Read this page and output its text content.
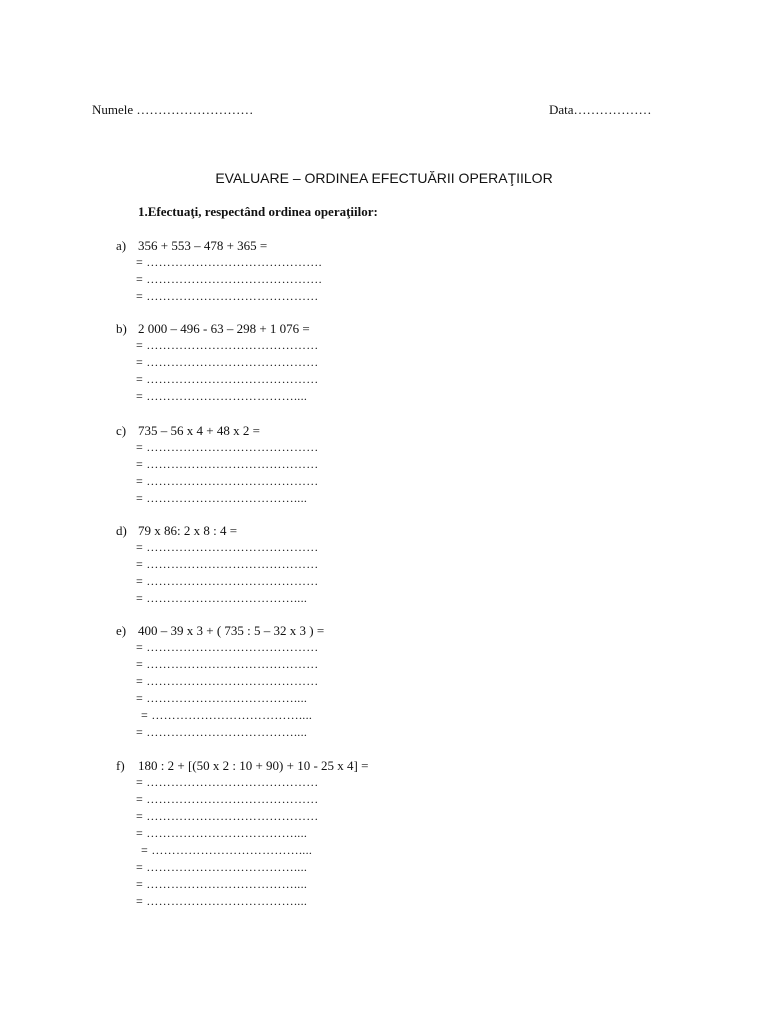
Numele ………………………	Data………………
EVALUARE – ORDINEA EFECTUĂRII OPERAŢIILOR
1.Efectuaţi, respectând ordinea operaţiilor:
a) 356 + 553 – 478 + 365 =
= …………………………………….
= …………………………………….
= ……………………………………
b) 2 000 – 496 - 63 – 298 + 1 076 =
= ……………………………………
= ……………………………………
= ……………………………………
= ………………………………....
c) 735 – 56 x 4 + 48 x 2 =
= ……………………………………
= ……………………………………
= ……………………………………
= ………………………………....
d) 79 x 86: 2 x 8 : 4 =
= ……………………………………
= ……………………………………
= ……………………………………
= ………………………………....
e) 400 – 39 x 3 + ( 735 : 5 – 32 x 3 ) =
= ……………………………………
= ……………………………………
= ……………………………………
= ………………………………....
= ………………………………....
= ………………………………....
f) 180 : 2 + [(50 x 2 : 10 + 90) + 10 - 25 x 4] =
= ……………………………………
= ……………………………………
= ……………………………………
= ………………………………....
= ………………………………....
= ………………………………....
= ………………………………....
= ………………………………....
